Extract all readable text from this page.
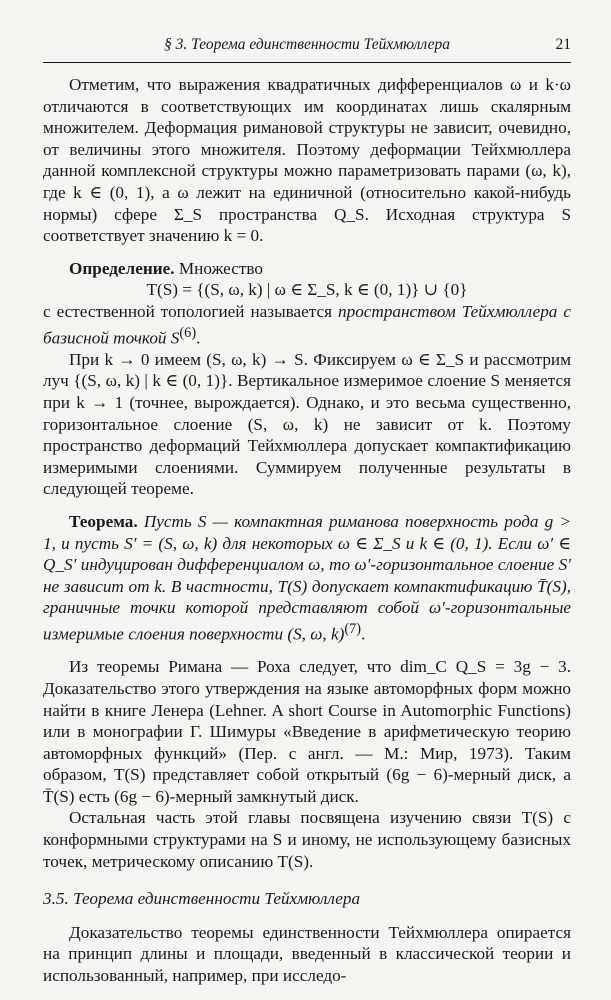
§ 3. Теорема единственности Тейхмюллера	21

Отметим, что выражения квадратичных дифференциалов ω и k·ω отличаются в соответствующих им координатах лишь скалярным множителем. Деформация римановой структуры не зависит, очевидно, от величины этого множителя. Поэтому деформации Тейхмюллера данной комплексной структуры можно параметризовать парами (ω, k), где k ∈ (0, 1), а ω лежит на единичной (относительно какой-нибудь нормы) сфере Σ_S пространства Q_S. Исходная структура S соответствует значению k = 0.

Определение. Множество

T(S) = {(S, ω, k) | ω ∈ Σ_S, k ∈ (0, 1)} ∪ {0}

с естественной топологией называется пространством Тейхмюллера с базисной точкой $S^{(6)}$.

При k → 0 имеем (S, ω, k) → S. Фиксируем ω ∈ Σ_S и рассмотрим луч {(S, ω, k) | k ∈ (0, 1)}. Вертикальное измеримое слоение S меняется при k → 1 (точнее, вырождается). Однако, и это весьма существенно, горизонтальное слоение (S, ω, k) не зависит от k. Поэтому пространство деформаций Тейхмюллера допускает компактификацию измеримыми слоениями. Суммируем полученные результаты в следующей теореме.

Теорема. Пусть S — компактная риманова поверхность рода g > 1, и пусть S′ = (S, ω, k) для некоторых ω ∈ Σ_S и k ∈ (0, 1). Если ω′ ∈ Q_S′ индуцирован дифференциалом ω, то ω′-горизонтальное слоение S′ не зависит от k. В частности, T(S) допускает компактификацию T̄(S), граничные точки которой представляют собой ω′-горизонтальные измеримые слоения поверхности (S, ω, k)$^{(7)}$.

Из теоремы Римана — Роха следует, что dim_C Q_S = 3g − 3. Доказательство этого утверждения на языке автоморфных форм можно найти в книге Ленера (Lehner. A short Course in Automorphic Functions) или в монографии Г. Шимуры «Введение в арифметическую теорию автоморфных функций» (Пер. с англ. — М.: Мир, 1973). Таким образом, T(S) представляет собой открытый (6g − 6)-мерный диск, а T̄(S) есть (6g − 6)-мерный замкнутый диск.

Остальная часть этой главы посвящена изучению связи T(S) с конформными структурами на S и иному, не использующему базисных точек, метрическому описанию T(S).

3.5. Теорема единственности Тейхмюллера

Доказательство теоремы единственности Тейхмюллера опирается на принцип длины и площади, введенный в классической теории и использованный, например, при исследо-
